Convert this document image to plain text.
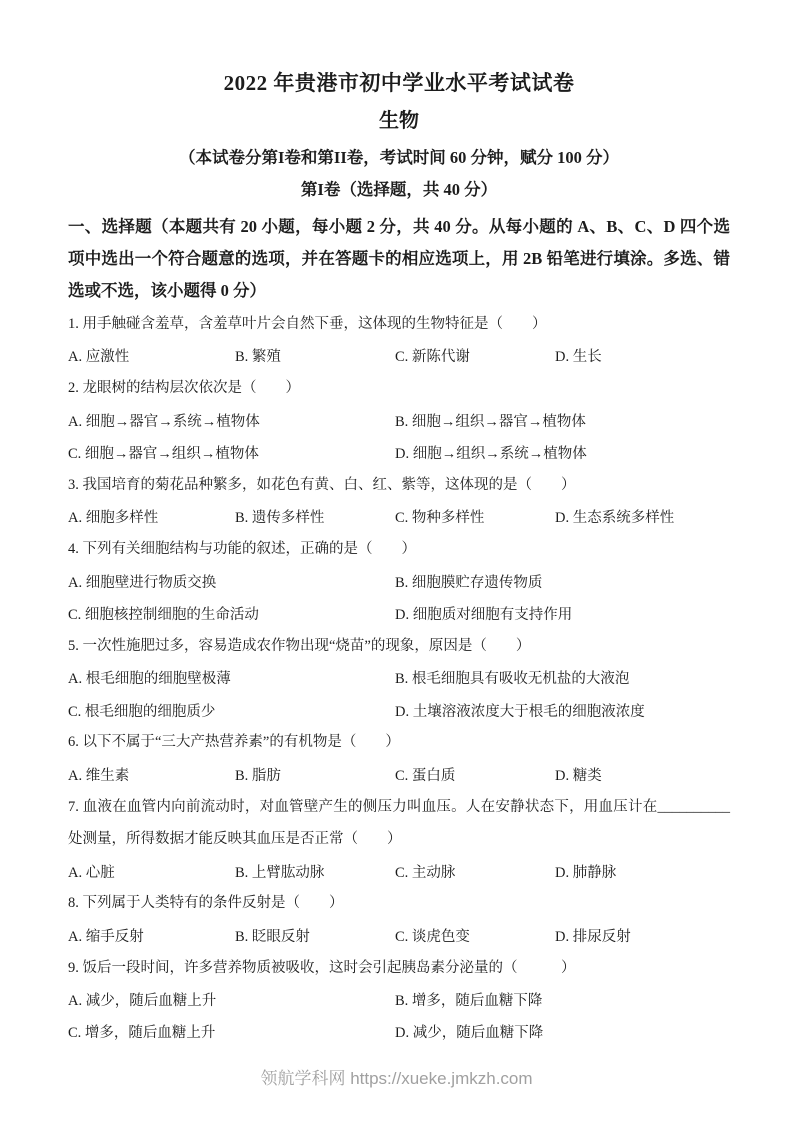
2022 年贵港市初中学业水平考试试卷
生物
（本试卷分第I卷和第II卷，考试时间 60 分钟，赋分 100 分）
第I卷（选择题，共 40 分）
一、选择题（本题共有 20 小题，每小题 2 分，共 40 分。从每小题的 A、B、C、D 四个选项中选出一个符合题意的选项，并在答题卡的相应选项上，用 2B 铅笔进行填涂。多选、错选或不选，该小题得 0 分）
1. 用手触碰含羞草，含羞草叶片会自然下垂，这体现的生物特征是（　　）
A. 应激性	B. 繁殖	C. 新陈代谢	D. 生长
2. 龙眼树的结构层次依次是（　　）
A. 细胞→器官→系统→植物体	B. 细胞→组织→器官→植物体
C. 细胞→器官→组织→植物体	D. 细胞→组织→系统→植物体
3. 我国培育的菊花品种繁多，如花色有黄、白、红、紫等，这体现的是（　　）
A. 细胞多样性	B. 遗传多样性	C. 物种多样性	D. 生态系统多样性
4. 下列有关细胞结构与功能的叙述，正确的是（　　）
A. 细胞壁进行物质交换	B. 细胞膜贮存遗传物质
C. 细胞核控制细胞的生命活动	D. 细胞质对细胞有支持作用
5. 一次性施肥过多，容易造成农作物出现“烧苗”的现象，原因是（　　）
A. 根毛细胞的细胞壁极薄	B. 根毛细胞具有吸收无机盐的大液泡
C. 根毛细胞的细胞质少	D. 土壤溶液浓度大于根毛的细胞液浓度
6. 以下不属于“三大产热营养素”的有机物是（　　）
A. 维生素	B. 脂肪	C. 蛋白质	D. 糖类
7. 血液在血管内向前流动时，对血管壁产生的侧压力叫血压。人在安静状态下，用血压计在__________处测量，所得数据才能反映其血压是否正常（　　）
A. 心脏	B. 上臂肱动脉	C. 主动脉	D. 肺静脉
8. 下列属于人类特有的条件反射是（　　）
A. 缩手反射	B. 眨眼反射	C. 谈虎色变	D. 排尿反射
9. 饭后一段时间，许多营养物质被吸收，这时会引起胰岛素分泌量的（　　　）
A. 减少，随后血糖上升	B. 增多，随后血糖下降
C. 增多，随后血糖上升	D. 减少，随后血糖下降
领航学科网 https://xueke.jmkzh.com
